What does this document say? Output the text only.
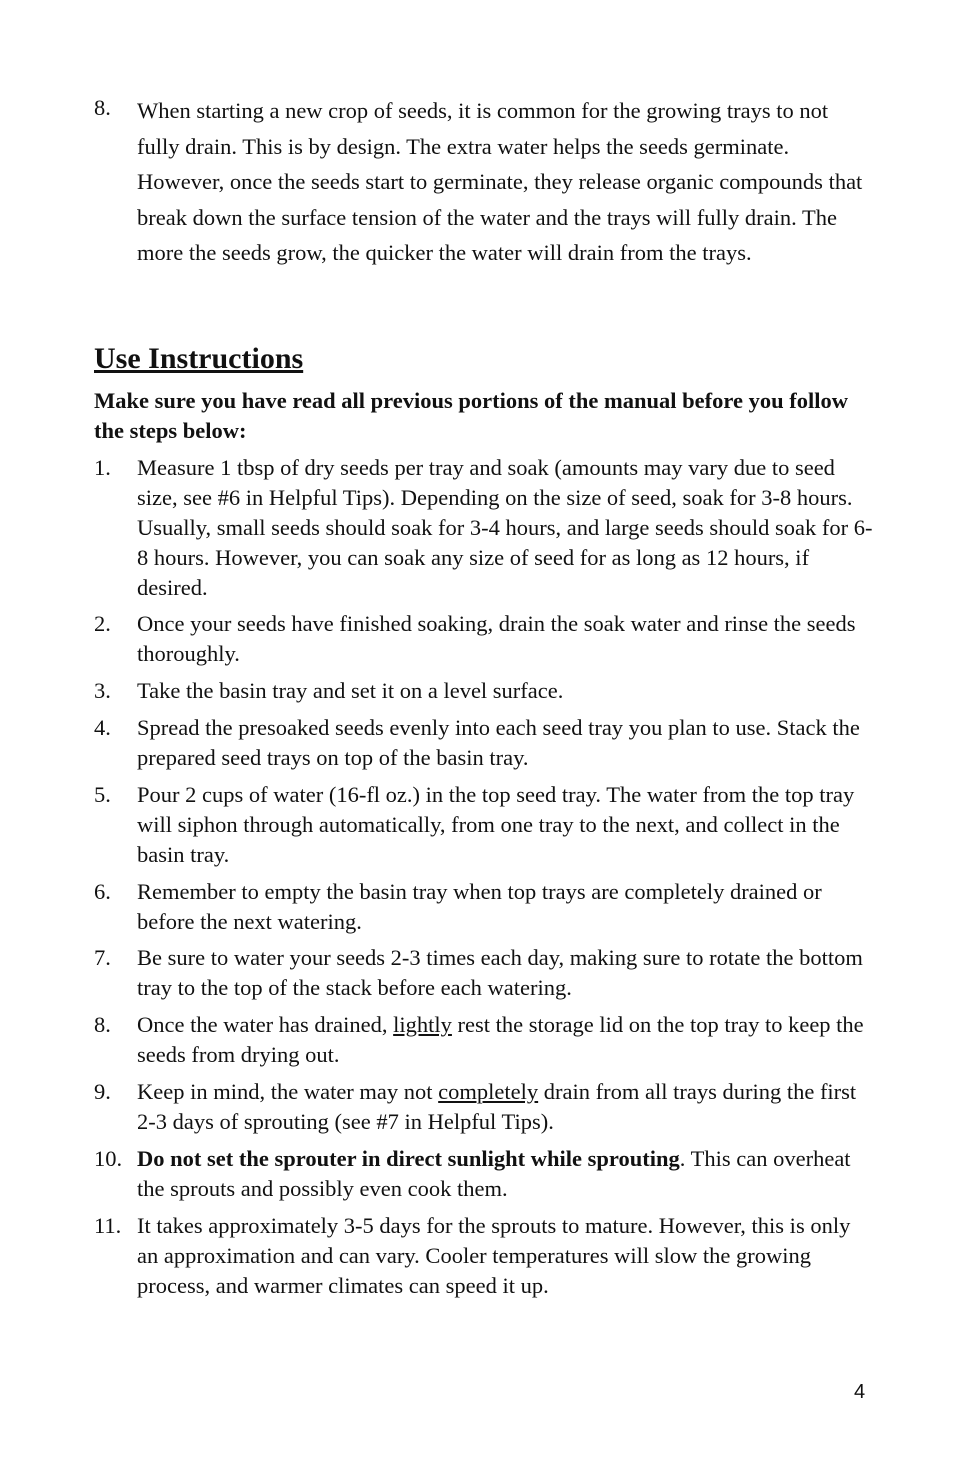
8.	When starting a new crop of seeds, it is common for the growing trays to not fully drain. This is by design. The extra water helps the seeds germinate. However, once the seeds start to germinate, they release organic compounds that break down the surface tension of the water and the trays will fully drain. The more the seeds grow, the quicker the water will drain from the trays.
Use Instructions
Make sure you have read all previous portions of the manual before you follow the steps below:
1.	Measure 1 tbsp of dry seeds per tray and soak (amounts may vary due to seed size, see #6 in Helpful Tips). Depending on the size of seed, soak for 3-8 hours. Usually, small seeds should soak for 3-4 hours, and large seeds should soak for 6-8 hours. However, you can soak any size of seed for as long as 12 hours, if desired.
2.	Once your seeds have finished soaking, drain the soak water and rinse the seeds thoroughly.
3.	Take the basin tray and set it on a level surface.
4.	Spread the presoaked seeds evenly into each seed tray you plan to use. Stack the prepared seed trays on top of the basin tray.
5.	Pour 2 cups of water (16-fl oz.) in the top seed tray. The water from the top tray will siphon through automatically, from one tray to the next, and collect in the basin tray.
6.	Remember to empty the basin tray when top trays are completely drained or before the next watering.
7.	Be sure to water your seeds 2-3 times each day, making sure to rotate the bottom tray to the top of the stack before each watering.
8.	Once the water has drained, lightly rest the storage lid on the top tray to keep the seeds from drying out.
9.	Keep in mind, the water may not completely drain from all trays during the first 2-3 days of sprouting (see #7 in Helpful Tips).
10. Do not set the sprouter in direct sunlight while sprouting. This can overheat the sprouts and possibly even cook them.
11. It takes approximately 3-5 days for the sprouts to mature. However, this is only an approximation and can vary. Cooler temperatures will slow the growing process, and warmer climates can speed it up.
4
